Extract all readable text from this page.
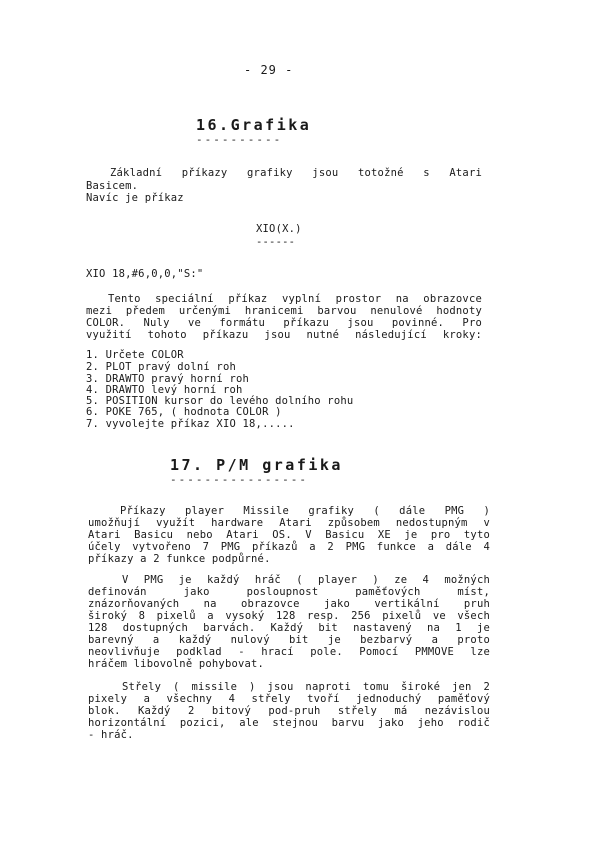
- 29 -
16.Grafika
----------
Základní příkazy grafiky jsou totožné s Atari
Basicem.
Navíc je příkaz
XIO(X.)
------
XIO 18,#6,0,0,"S:"
Tento speciální příkaz vyplní prostor na obrazovce
mezi předem určenými hranicemi barvou nenulové hodnoty
COLOR. Nuly ve formátu příkazu jsou povinné. Pro
využití tohoto příkazu jsou nutné následující kroky:
1. Určete COLOR
2. PLOT pravý dolní roh
3. DRAWTO pravý horní roh
4. DRAWTO levý horní roh
5. POSITION kursor do levého dolního rohu
6. POKE 765, ( hodnota COLOR )
7. vyvolejte příkaz XIO 18,.....
17. P/M grafika
----------------
Příkazy player Missile grafiky ( dále PMG )
umožňují využít hardware Atari způsobem nedostupným v
Atari Basicu nebo Atari OS. V Basicu XE je pro tyto
účely vytvořeno 7 PMG příkazů a 2 PMG funkce a dále 4
příkazy a 2 funkce podpůrné.
V PMG je každý hráč ( player ) ze 4 možných
definován jako posloupnost paměťových míst,
znázorňovaných na obrazovce jako vertikální pruh
široký 8 pixelů a vysoký 128 resp. 256 pixelů ve všech
128 dostupných barvách. Každý bit nastavený na 1 je
barevný a každý nulový bit je bezbarvý a proto
neovlivňuje podklad - hrací pole. Pomocí PMMOVE lze
hráčem libovolně pohybovat.
Střely ( missile ) jsou naproti tomu široké jen 2
pixely a všechny 4 střely tvoří jednoduchý paměťový
blok. Každý 2 bitový pod-pruh střely má nezávislou
horizontální pozici, ale stejnou barvu jako jeho rodič
- hráč.
